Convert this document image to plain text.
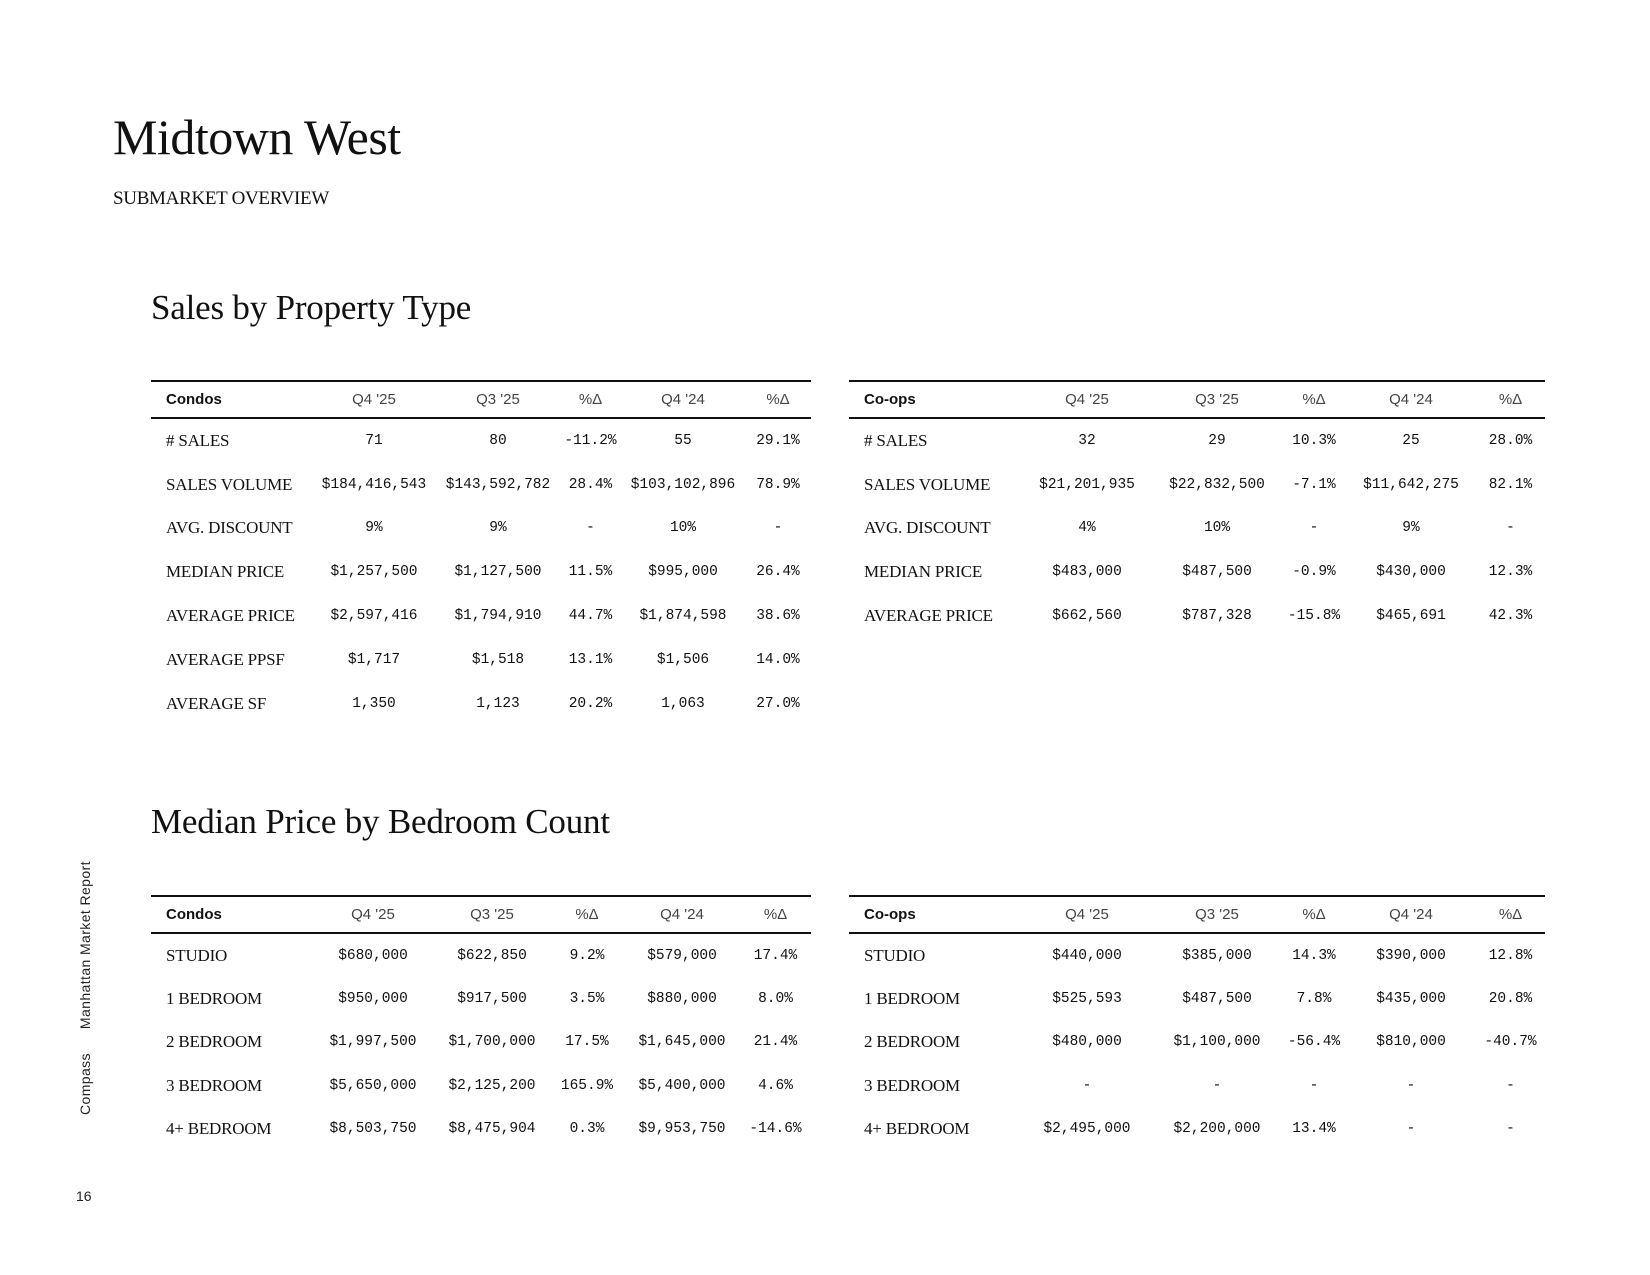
Midtown West
SUBMARKET OVERVIEW
Sales by Property Type
Condos	Q4 '25	Q3 '25	%Δ	Q4 '24	%Δ
# SALES	71	80	-11.2%	55	29.1%
SALES VOLUME	$184,416,543	$143,592,782	28.4%	$103,102,896	78.9%
AVG. DISCOUNT	9%	9%	-	10%	-
MEDIAN PRICE	$1,257,500	$1,127,500	11.5%	$995,000	26.4%
AVERAGE PRICE	$2,597,416	$1,794,910	44.7%	$1,874,598	38.6%
AVERAGE PPSF	$1,717	$1,518	13.1%	$1,506	14.0%
AVERAGE SF	1,350	1,123	20.2%	1,063	27.0%
Co-ops	Q4 '25	Q3 '25	%Δ	Q4 '24	%Δ
# SALES	32	29	10.3%	25	28.0%
SALES VOLUME	$21,201,935	$22,832,500	-7.1%	$11,642,275	82.1%
AVG. DISCOUNT	4%	10%	-	9%	-
MEDIAN PRICE	$483,000	$487,500	-0.9%	$430,000	12.3%
AVERAGE PRICE	$662,560	$787,328	-15.8%	$465,691	42.3%
Median Price by Bedroom Count
Condos	Q4 '25	Q3 '25	%Δ	Q4 '24	%Δ
STUDIO	$680,000	$622,850	9.2%	$579,000	17.4%
1 BEDROOM	$950,000	$917,500	3.5%	$880,000	8.0%
2 BEDROOM	$1,997,500	$1,700,000	17.5%	$1,645,000	21.4%
3 BEDROOM	$5,650,000	$2,125,200	165.9%	$5,400,000	4.6%
4+ BEDROOM	$8,503,750	$8,475,904	0.3%	$9,953,750	-14.6%
Co-ops	Q4 '25	Q3 '25	%Δ	Q4 '24	%Δ
STUDIO	$440,000	$385,000	14.3%	$390,000	12.8%
1 BEDROOM	$525,593	$487,500	7.8%	$435,000	20.8%
2 BEDROOM	$480,000	$1,100,000	-56.4%	$810,000	-40.7%
3 BEDROOM	-	-	-	-	-
4+ BEDROOM	$2,495,000	$2,200,000	13.4%	-	-
CompassManhattan Market Report
16
